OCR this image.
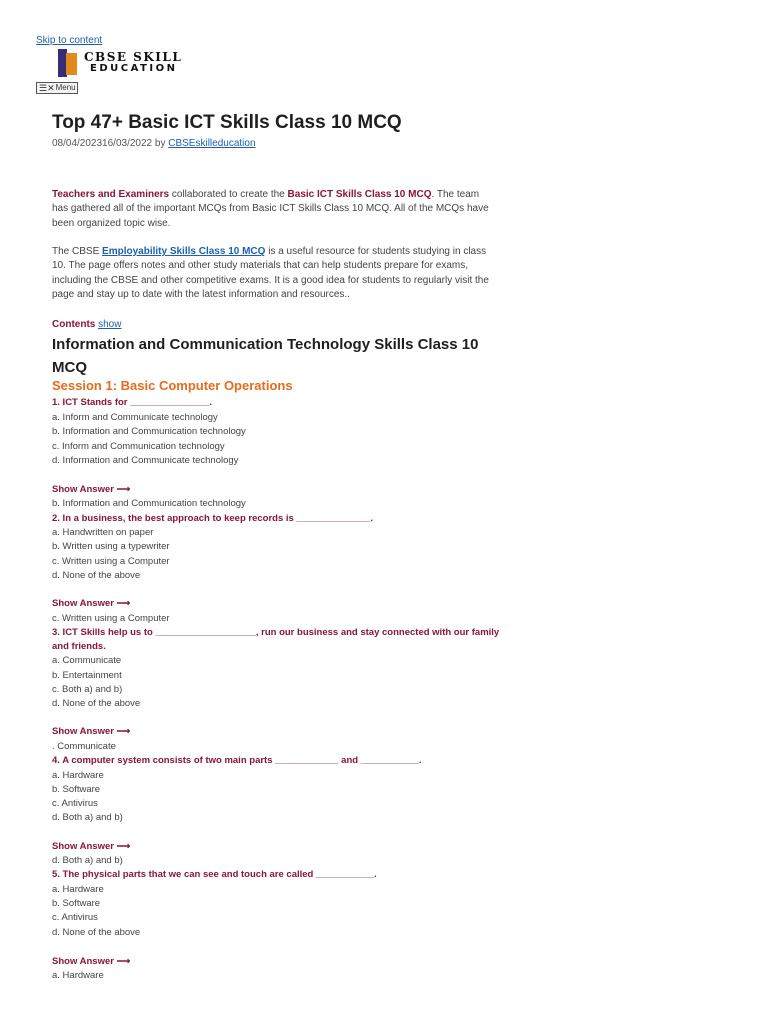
Skip to content
CBSE SKILL
EDUCATION
☰✕ Menu
Top 47+ Basic ICT Skills Class 10 MCQ
08/04/202316/03/2022 by CBSEskilleducation

Teachers and Examiners collaborated to create the Basic ICT Skills Class 10 MCQ. The team has gathered all of the important MCQs from Basic ICT Skills Class 10 MCQ. All of the MCQs have been organized topic wise.

The CBSE Employability Skills Class 10 MCQ is a useful resource for students studying in class 10. The page offers notes and other study materials that can help students prepare for exams, including the CBSE and other competitive exams. It is a good idea for students to regularly visit the page and stay up to date with the latest information and resources..

Contents show
Information and Communication Technology Skills Class 10 MCQ
Session 1: Basic Computer Operations
1. ICT Stands for _______________.
a. Inform and Communicate technology
b. Information and Communication technology
c. Inform and Communication technology
d. Information and Communicate technology
Show Answer ⟶
b. Information and Communication technology
2. In a business, the best approach to keep records is ______________.
a. Handwritten on paper
b. Written using a typewriter
c. Written using a Computer
d. None of the above
Show Answer ⟶
c. Written using a Computer
3. ICT Skills help us to ___________________, run our business and stay connected with our family
and friends.
a. Communicate
b. Entertainment
c. Both a) and b)
d. None of the above
Show Answer ⟶
. Communicate
4. A computer system consists of two main parts ____________ and ___________.
a. Hardware
b. Software
c. Antivirus
d. Both a) and b)
Show Answer ⟶
d. Both a) and b)
5. The physical parts that we can see and touch are called ___________.
a. Hardware
b. Software
c. Antivirus
d. None of the above
Show Answer ⟶
a. Hardware
